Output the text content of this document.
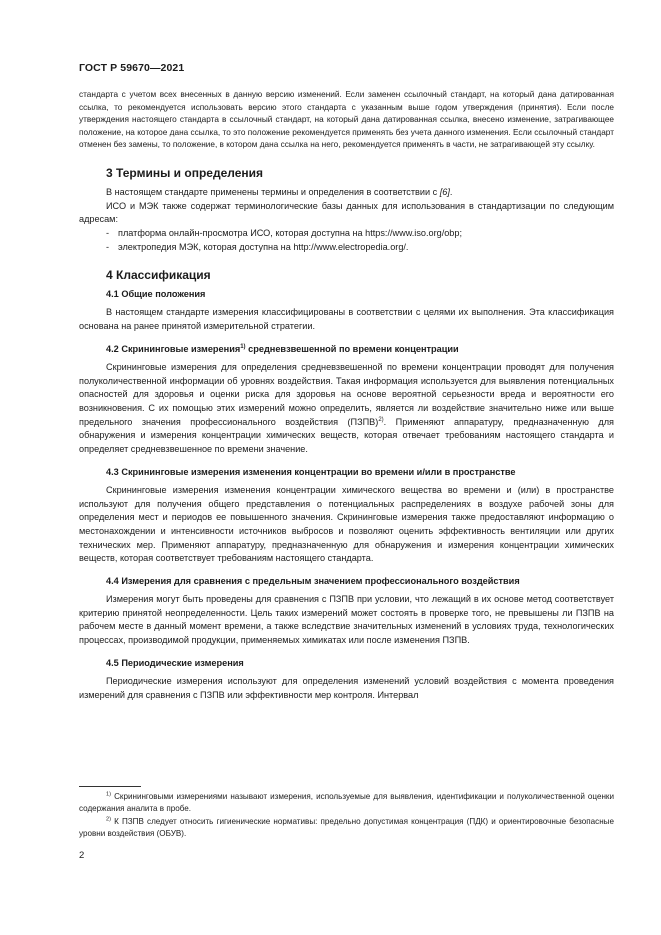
ГОСТ Р 59670—2021

стандарта с учетом всех внесенных в данную версию изменений. Если заменен ссылочный стандарт, на который дана датированная ссылка, то рекомендуется использовать версию этого стандарта с указанным выше годом утверждения (принятия). Если после утверждения настоящего стандарта в ссылочный стандарт, на который дана датированная ссылка, внесено изменение, затрагивающее положение, на которое дана ссылка, то это положение рекомендуется применять без учета данного изменения. Если ссылочный стандарт отменен без замены, то положение, в котором дана ссылка на него, рекомендуется применять в части, не затрагивающей эту ссылку.

3 Термины и определения

В настоящем стандарте применены термины и определения в соответствии с [6].

ИСО и МЭК также содержат терминологические базы данных для использования в стандартизации по следующим адресам:

- платформа онлайн-просмотра ИСО, которая доступна на https://www.iso.org/obp;
- электропедия МЭК, которая доступна на http://www.electropedia.org/.
4 Классификация
4.1 Общие положения

В настоящем стандарте измерения классифицированы в соответствии с целями их выполнения. Эта классификация основана на ранее принятой измерительной стратегии.

4.2 Скрининговые измерения$^{1)}$ средневзвешенной по времени концентрации

Скрининговые измерения для определения средневзвешенной по времени концентрации проводят для получения полуколичественной информации об уровнях воздействия. Такая информация используется для выявления потенциальных опасностей для здоровья и оценки риска для здоровья на основе вероятной серьезности вреда и вероятности его возникновения. С их помощью этих измерений можно определить, является ли воздействие значительно ниже или выше предельного значения профессионального воздействия (ПЗПВ)$^{2)}$. Применяют аппаратуру, предназначенную для обнаружения и измерения концентрации химических веществ, которая отвечает требованиям настоящего стандарта и определяет средневзвешенное по времени значение.

4.3 Скрининговые измерения изменения концентрации во времени и/или в пространстве

Скрининговые измерения изменения концентрации химического вещества во времени и (или) в пространстве используют для получения общего представления о потенциальных распределениях в воздухе рабочей зоны для определения мест и периодов ее повышенного значения. Скрининговые измерения также предоставляют информацию о местонахождении и интенсивности источников выбросов и позволяют оценить эффективность вентиляции или других технических мер. Применяют аппаратуру, предназначенную для обнаружения и измерения концентрации химических веществ, которая соответствует требованиям настоящего стандарта.

4.4 Измерения для сравнения с предельным значением профессионального воздействия

Измерения могут быть проведены для сравнения с ПЗПВ при условии, что лежащий в их основе метод соответствует критерию принятой неопределенности. Цель таких измерений может состоять в проверке того, не превышены ли ПЗПВ на рабочем месте в данный момент времени, а также вследствие значительных изменений в условиях труда, технологических процессах, производимой продукции, применяемых химикатах или после изменения ПЗПВ.

4.5 Периодические измерения

Периодические измерения используют для определения изменений условий воздействия с момента проведения измерений для сравнения с ПЗПВ или эффективности мер контроля. Интервал

$^{1)}$ Скрининговыми измерениями называют измерения, используемые для выявления, идентификации и полуколичественной оценки содержания аналита в пробе.

$^{2)}$ К ПЗПВ следует относить гигиенические нормативы: предельно допустимая концентрация (ПДК) и ориентировочные безопасные уровни воздействия (ОБУВ).

2
